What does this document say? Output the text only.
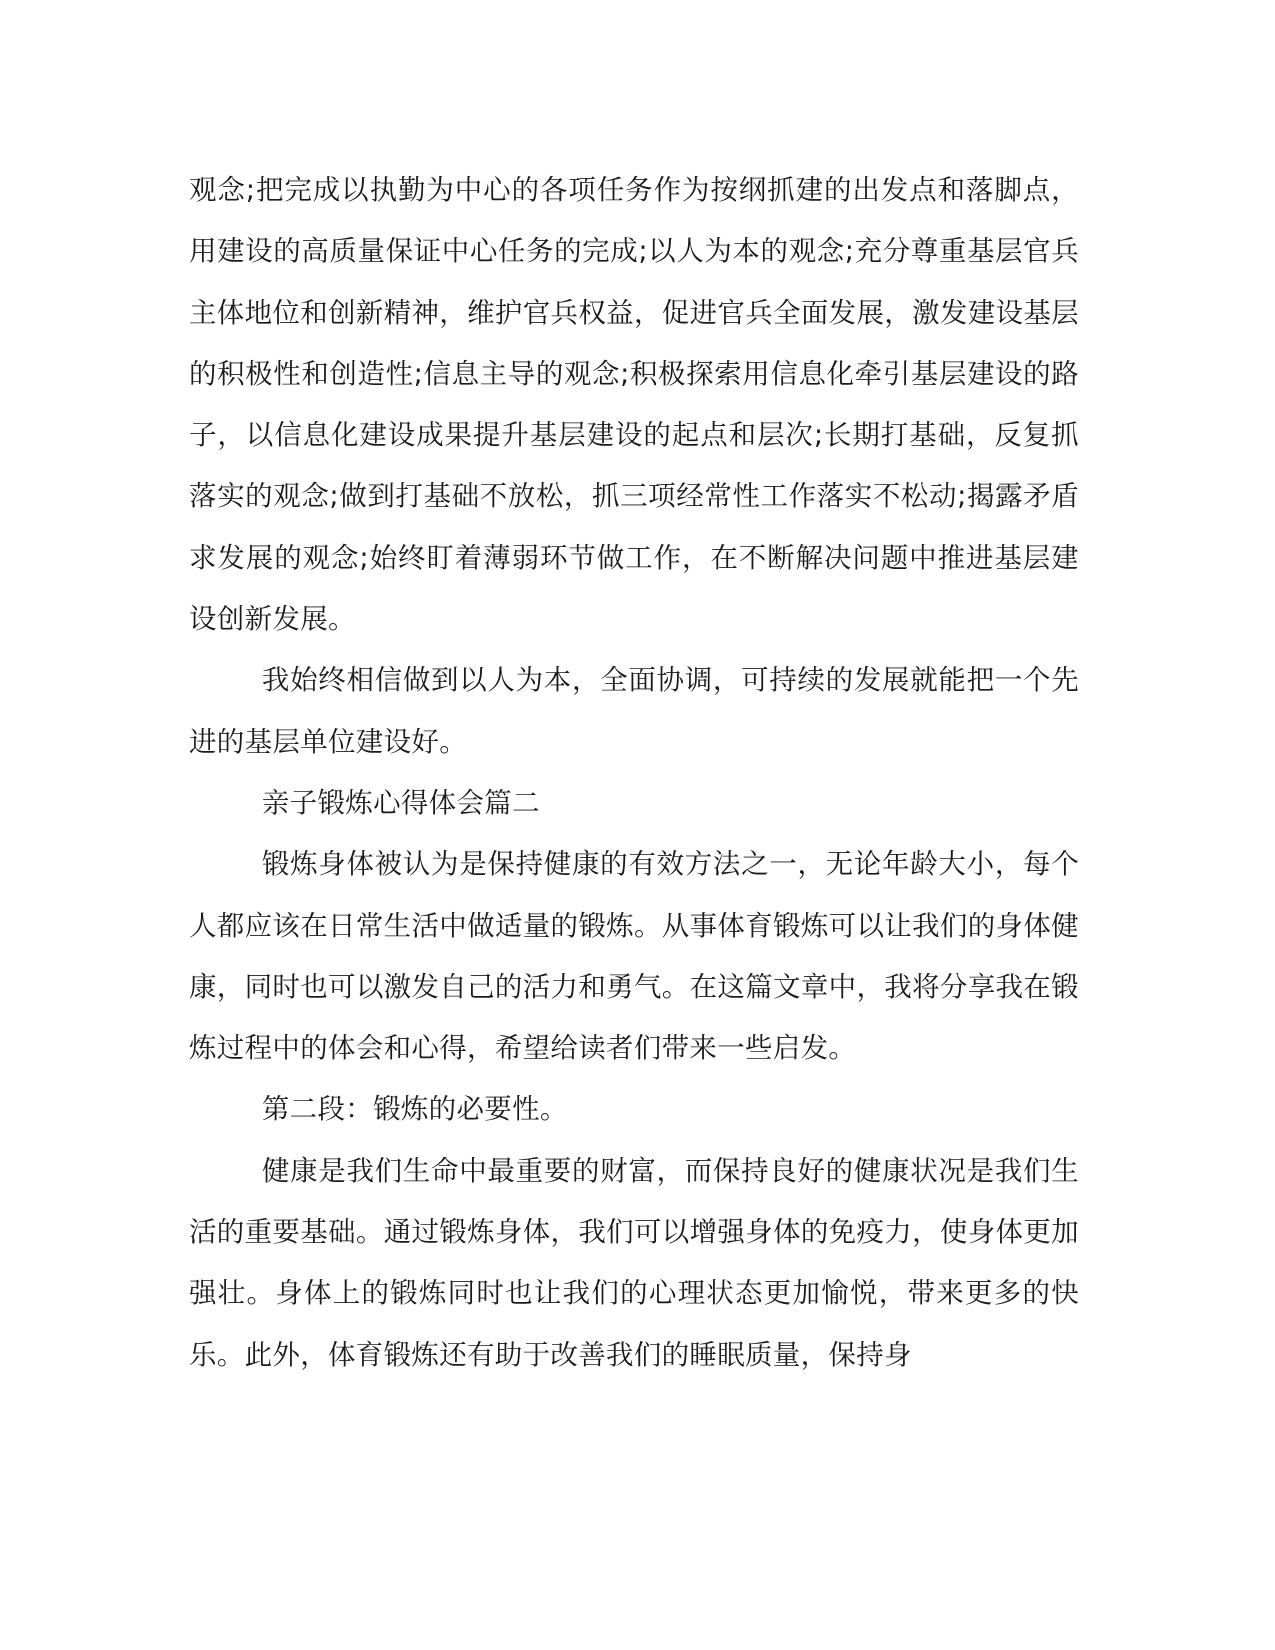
观念;把完成以执勤为中心的各项任务作为按纲抓建的出发点和落脚点，用建设的高质量保证中心任务的完成;以人为本的观念;充分尊重基层官兵主体地位和创新精神，维护官兵权益，促进官兵全面发展，激发建设基层的积极性和创造性;信息主导的观念;积极探索用信息化牵引基层建设的路子，以信息化建设成果提升基层建设的起点和层次;长期打基础，反复抓落实的观念;做到打基础不放松，抓三项经常性工作落实不松动;揭露矛盾求发展的观念;始终盯着薄弱环节做工作，在不断解决问题中推进基层建设创新发展。

我始终相信做到以人为本，全面协调，可持续的发展就能把一个先进的基层单位建设好。

亲子锻炼心得体会篇二

锻炼身体被认为是保持健康的有效方法之一，无论年龄大小，每个人都应该在日常生活中做适量的锻炼。从事体育锻炼可以让我们的身体健康，同时也可以激发自己的活力和勇气。在这篇文章中，我将分享我在锻炼过程中的体会和心得，希望给读者们带来一些启发。

第二段：锻炼的必要性。

健康是我们生命中最重要的财富，而保持良好的健康状况是我们生活的重要基础。通过锻炼身体，我们可以增强身体的免疫力，使身体更加强壮。身体上的锻炼同时也让我们的心理状态更加愉悦，带来更多的快乐。此外，体育锻炼还有助于改善我们的睡眠质量，保持身
